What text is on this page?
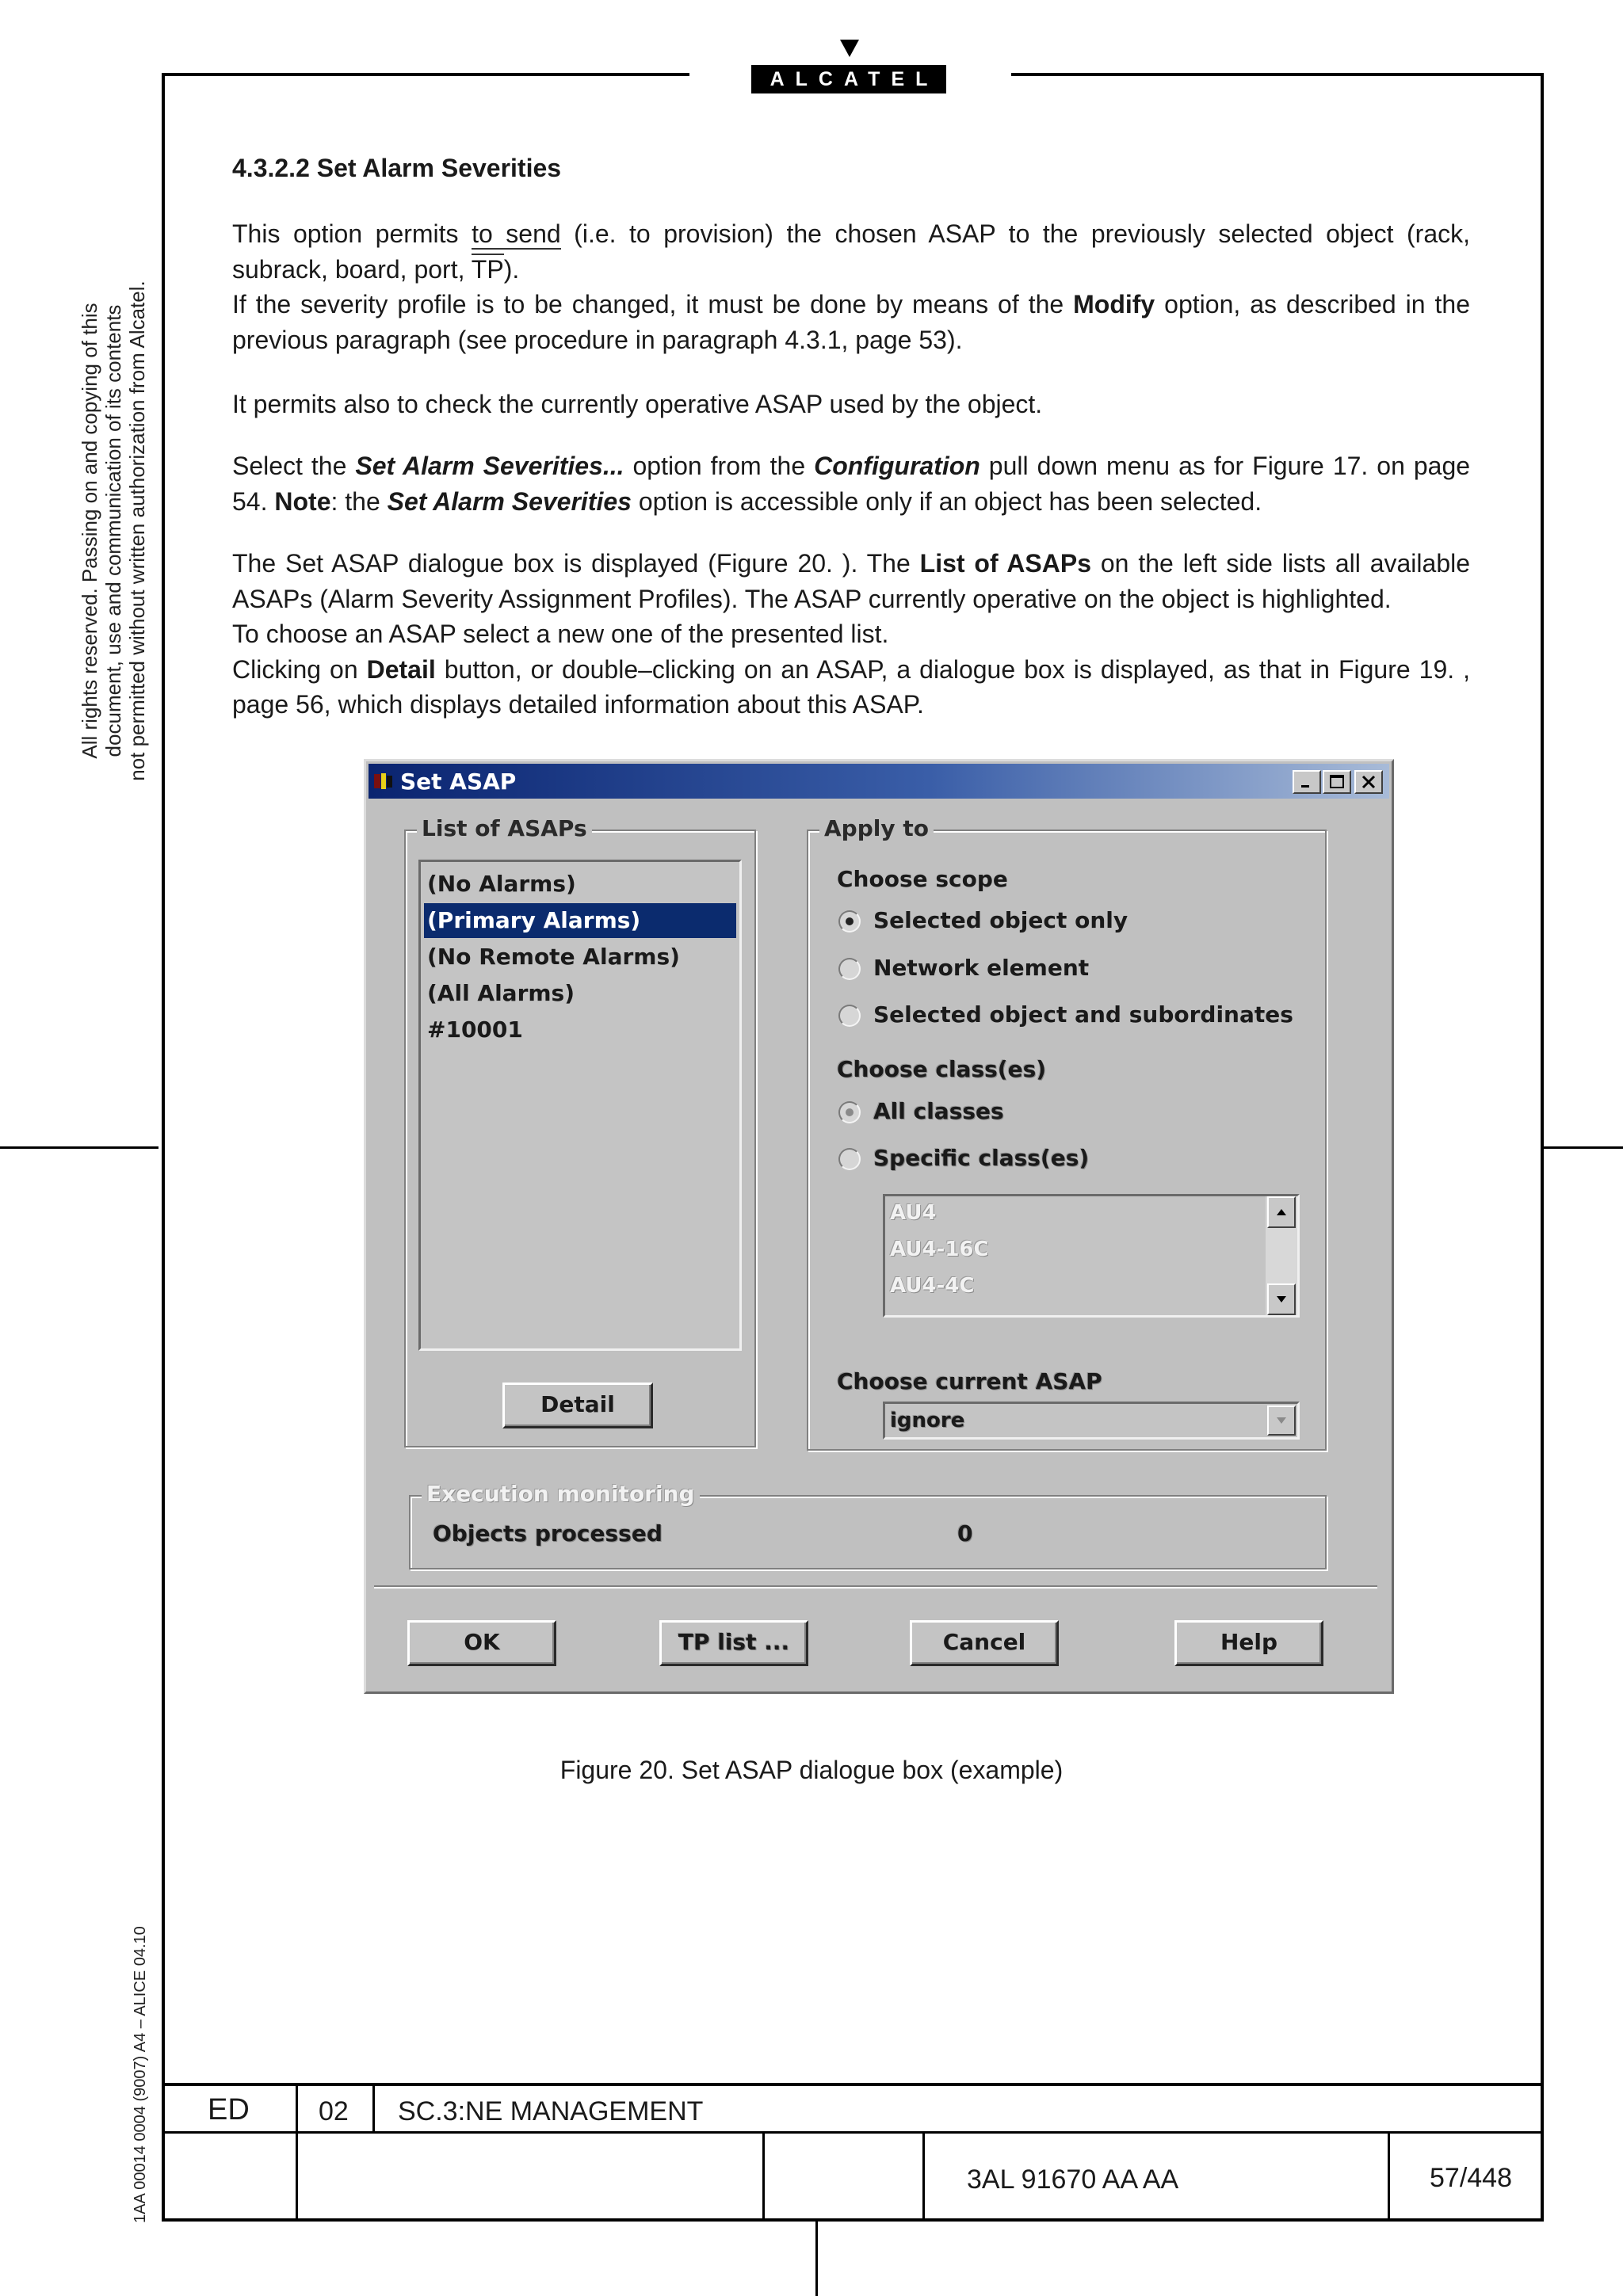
ALCATEL
All rights reserved. Passing on and copying of this document, use and communication of its contents not permitted without written authorization from Alcatel.
1AA 00014 0004 (9007) A4 – ALICE 04.10
4.3.2.2 Set Alarm Severities
This option permits to send (i.e. to provision) the chosen ASAP to the previously selected object (rack, subrack, board, port, TP).
If the severity profile is to be changed, it must be done by means of the Modify option, as described in the previous paragraph (see procedure in paragraph 4.3.1, page 53).
It permits also to check the currently operative ASAP used by the object.
Select the Set Alarm Severities... option from the Configuration pull down menu as for Figure 17. on page 54. Note: the Set Alarm Severities option is accessible only if an object has been selected.
The Set ASAP dialogue box is displayed (Figure 20. ). The List of ASAPs on the left side lists all available ASAPs (Alarm Severity Assignment Profiles). The ASAP currently operative on the object is highlighted.
To choose an ASAP select a new one of the presented list.
Clicking on Detail button, or double–clicking on an ASAP, a dialogue box is displayed, as that in Figure 19. , page 56, which displays detailed information about this ASAP.
Set ASAP
List of ASAPs
(No Alarms)
(Primary Alarms)
(No Remote Alarms)
(All Alarms)
#10001
Detail
Apply to
Choose scope
Selected object only
Network element
Selected object and subordinates
Choose class(es)
All classes
Specific class(es)
AU4
AU4-16C
AU4-4C
Choose current ASAP
ignore
Execution monitoring
Objects processed	0
OK	TP list ...	Cancel	Help
Figure 20. Set ASAP dialogue box (example)
ED	02 SC.3:NE MANAGEMENT
3AL 91670 AA AA	57/448
